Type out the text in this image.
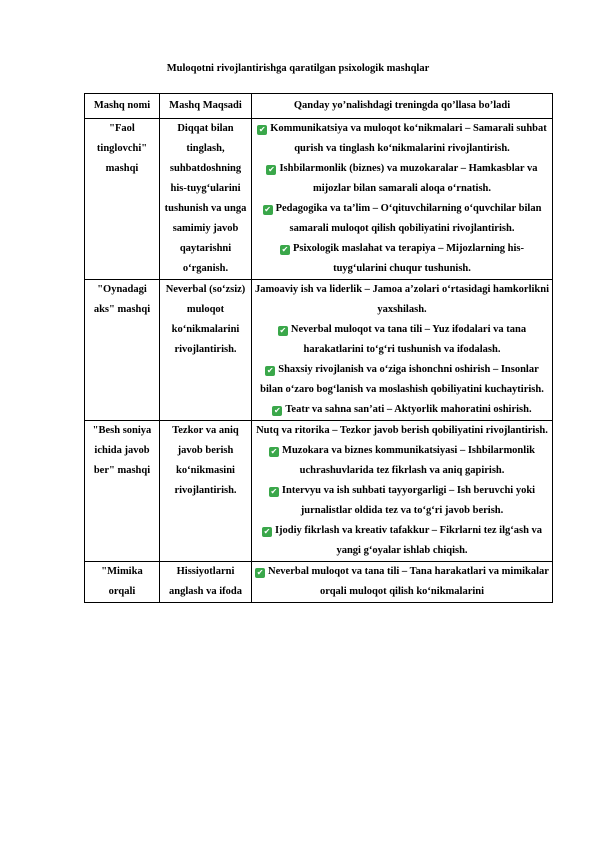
Muloqotni rivojlantirishga qaratilgan psixologik mashqlar
Mashq nomi	Mashq Maqsadi	Qanday yo’nalishdagi treningda qo’llasa bo’ladi
"Faol tinglovchi" mashqi	Diqqat bilan tinglash, suhbatdoshning his-tuyg‘ularini tushunish va unga samimiy javob qaytarishni o‘rganish.	✔ Kommunikatsiya va muloqot ko‘nikmalari – Samarali suhbat qurish va tinglash ko‘nikmalarini rivojlantirish.
✔ Ishbilarmonlik (biznes) va muzokaralar – Hamkasblar va mijozlar bilan samarali aloqa o‘rnatish.
✔ Pedagogika va ta’lim – O‘qituvchilarning o‘quvchilar bilan samarali muloqot qilish qobiliyatini rivojlantirish.
✔ Psixologik maslahat va terapiya – Mijozlarning his-tuyg‘ularini chuqur tushunish.

"Oynadagi aks" mashqi	Neverbal (so‘zsiz) muloqot ko‘nikmalarini rivojlantirish.	Jamoaviy ish va liderlik – Jamoa a’zolari o‘rtasidagi hamkorlikni yaxshilash.
✔ Neverbal muloqot va tana tili – Yuz ifodalari va tana harakatlarini to‘g‘ri tushunish va ifodalash.
✔ Shaxsiy rivojlanish va o‘ziga ishonchni oshirish – Insonlar bilan o‘zaro bog‘lanish va moslashish qobiliyatini kuchaytirish.
✔ Teatr va sahna san’ati – Aktyorlik mahoratini oshirish.

"Besh soniya ichida javob ber" mashqi	Tezkor va aniq javob berish ko‘nikmasini rivojlantirish.	Nutq va ritorika – Tezkor javob berish qobiliyatini rivojlantirish.
✔ Muzokara va biznes kommunikatsiyasi – Ishbilarmonlik uchrashuvlarida tez fikrlash va aniq gapirish.
✔ Intervyu va ish suhbati tayyorgarligi – Ish beruvchi yoki jurnalistlar oldida tez va to‘g‘ri javob berish.
✔ Ijodiy fikrlash va kreativ tafakkur – Fikrlarni tez ilg‘ash va yangi g‘oyalar ishlab chiqish.

"Mimika orqali	Hissiyotlarni anglash va ifoda	✔ Neverbal muloqot va tana tili – Tana harakatlari va mimikalar orqali muloqot qilish ko‘nikmalarini
